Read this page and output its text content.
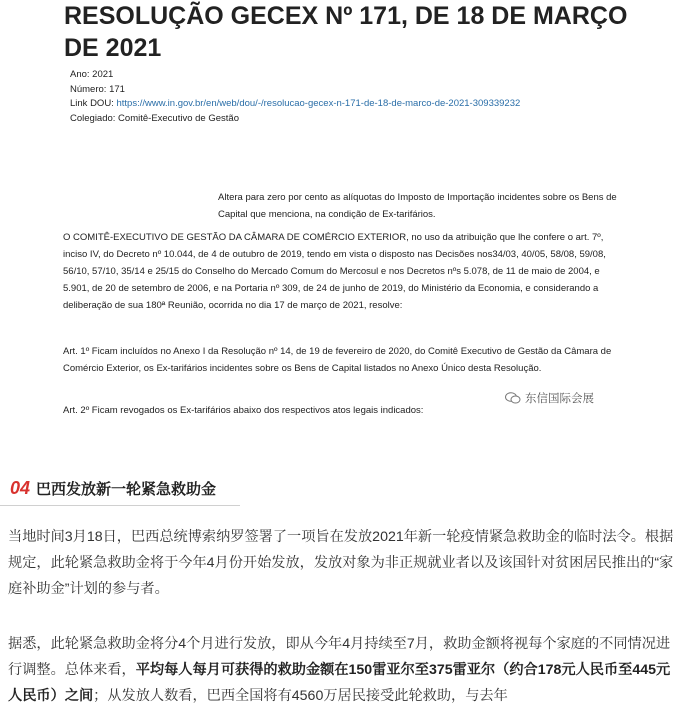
RESOLUÇÃO GECEX Nº 171, DE 18 DE MARÇO DE 2021
Ano: 2021
Número: 171
Link DOU: https://www.in.gov.br/en/web/dou/-/resolucao-gecex-n-171-de-18-de-marco-de-2021-309339232
Colegiado: Comitê-Executivo de Gestão
Altera para zero por cento as alíquotas do Imposto de Importação incidentes sobre os Bens de Capital que menciona, na condição de Ex-tarifários.
O COMITÊ-EXECUTIVO DE GESTÃO DA CÂMARA DE COMÉRCIO EXTERIOR, no uso da atribuição que lhe confere o art. 7º, inciso IV, do Decreto nº 10.044, de 4 de outubro de 2019, tendo em vista o disposto nas Decisões nos34/03, 40/05, 58/08, 59/08, 56/10, 57/10, 35/14 e 25/15 do Conselho do Mercado Comum do Mercosul e nos Decretos nºs 5.078, de 11 de maio de 2004, e 5.901, de 20 de setembro de 2006, e na Portaria nº 309, de 24 de junho de 2019, do Ministério da Economia, e considerando a deliberação de sua 180ª Reunião, ocorrida no dia 17 de março de 2021, resolve:
Art. 1º Ficam incluídos no Anexo I da Resolução nº 14, de 19 de fevereiro de 2020, do Comitê Executivo de Gestão da Câmara de Comércio Exterior, os Ex-tarifários incidentes sobre os Bens de Capital listados no Anexo Único desta Resolução.
Art. 2º Ficam revogados os Ex-tarifários abaixo dos respectivos atos legais indicados:
东信国际会展
04 巴西发放新一轮紧急救助金
当地时间3月18日，巴西总统博索纳罗签署了一项旨在发放2021年新一轮疫情紧急救助金的临时法令。根据规定，此轮紧急救助金将于今年4月份开始发放，发放对象为非正规就业者以及该国针对贫困居民推出的“家庭补助金”计划的参与者。
据悉，此轮紧急救助金将分4个月进行发放，即从今年4月持续至7月，救助金额将视每个家庭的不同情况进行调整。总体来看，平均每人每月可获得的救助金额在150雷亚尔至375雷亚尔（约合178元人民币至445元人民币）之间；从发放人数看，巴西全国将有4560万居民接受此轮救助，与去年
